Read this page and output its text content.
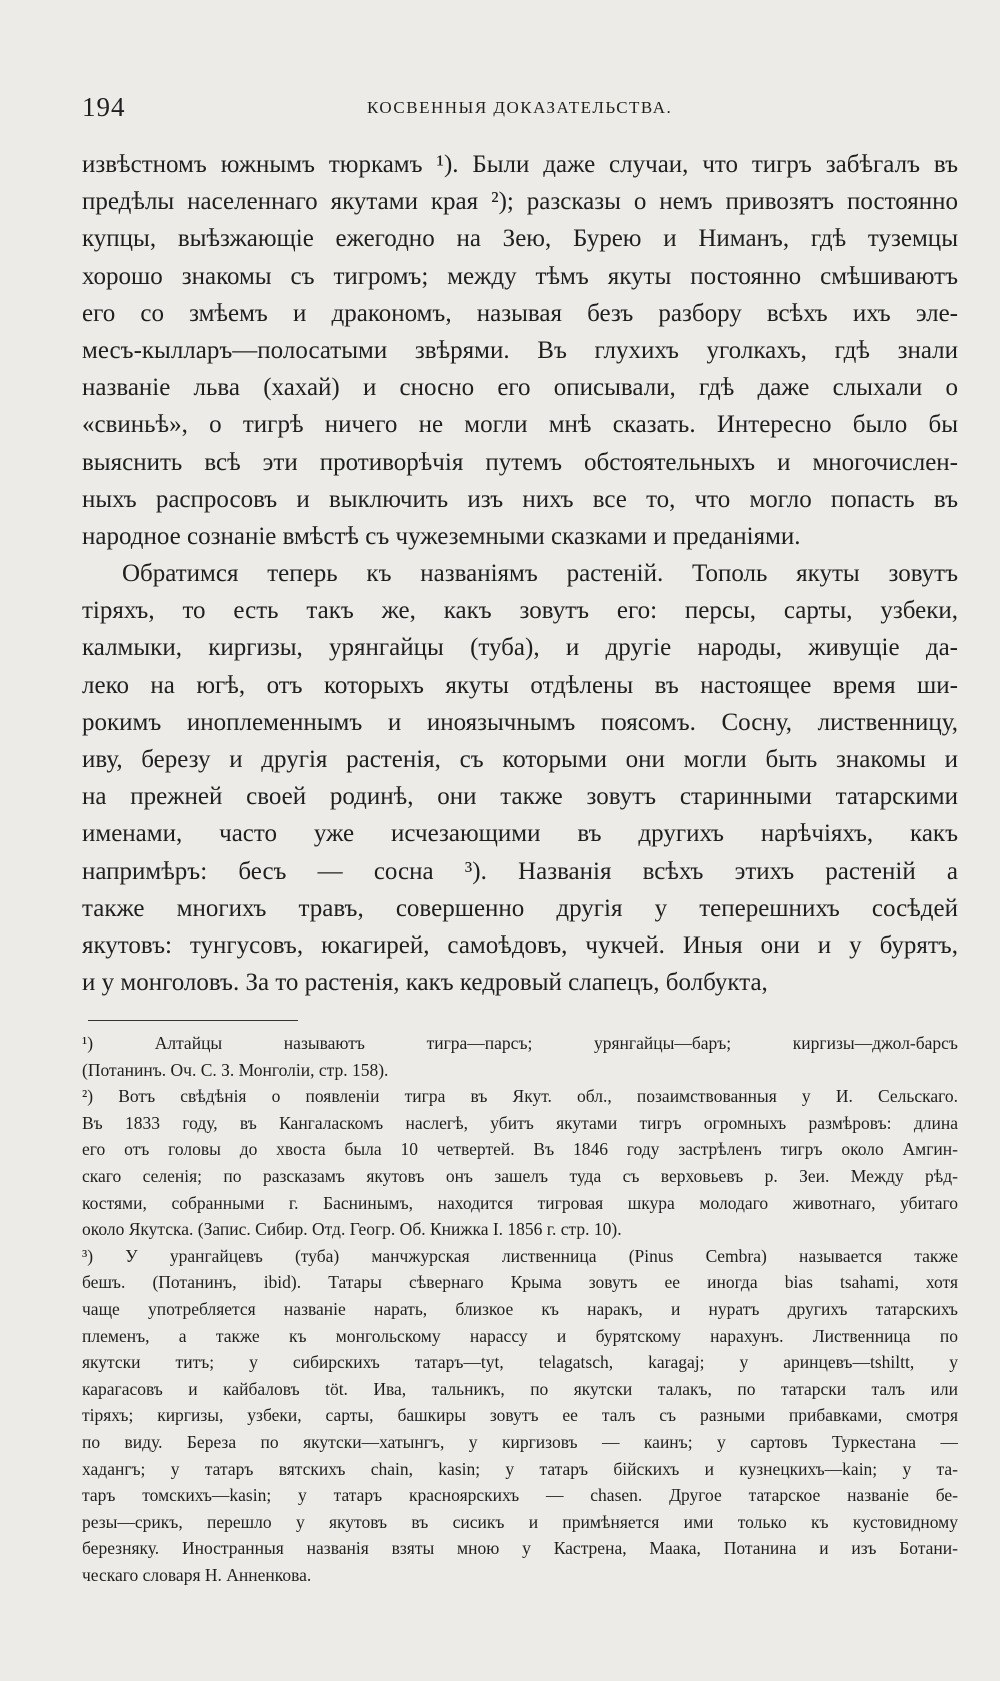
194	КОСВЕННЫЯ ДОКАЗАТЕЛЬСТВА.
извѣстномъ южнымъ тюркамъ ¹). Были даже случаи, что тигръ забѣгалъ въ
предѣлы населеннаго якутами края ²); разсказы о немъ привозятъ постоянно
купцы, выѣзжающіе ежегодно на Зею, Бурею и Ниманъ, гдѣ туземцы
хорошо знакомы съ тигромъ; между тѣмъ якуты постоянно смѣшиваютъ
его со змѣемъ и дракономъ, называя безъ разбору всѣхъ ихъ эле-
месъ-кылларъ—полосатыми звѣрями. Въ глухихъ уголкахъ, гдѣ знали
названіе льва (хахай) и сносно его описывали, гдѣ даже слыхали о
«свиньѣ», о тигрѣ ничего не могли мнѣ сказать. Интересно было бы
выяснить всѣ эти противорѣчія путемъ обстоятельныхъ и многочислен-
ныхъ распросовъ и выключить изъ нихъ все то, что могло попасть въ
народное сознаніе вмѣстѣ съ чужеземными сказками и преданіями.
Обратимся теперь къ названіямъ растеній. Тополь якуты зовутъ
тіряхъ, то есть такъ же, какъ зовутъ его: персы, сарты, узбеки,
калмыки, киргизы, урянгайцы (туба), и другіе народы, живущіе да-
леко на югѣ, отъ которыхъ якуты отдѣлены въ настоящее время ши-
рокимъ иноплеменнымъ и иноязычнымъ поясомъ. Сосну, лиственницу,
иву, березу и другія растенія, съ которыми они могли быть знакомы и
на прежней своей родинѣ, они также зовутъ старинными татарскими
именами, часто уже исчезающими въ другихъ нарѣчіяхъ, какъ
напримѣръ: бесъ — сосна ³). Названія всѣхъ этихъ растеній а
также многихъ травъ, совершенно другія у теперешнихъ сосѣдей
якутовъ: тунгусовъ, юкагирей, самоѣдовъ, чукчей. Иныя они и у бурятъ,
и у монголовъ. За то растенія, какъ кедровый слапецъ, болбукта,
¹) Алтайцы называютъ тигра—парсъ; урянгайцы—баръ; киргизы—джол-барсъ
(Потанинъ. Оч. С. З. Монголіи, стр. 158).
²) Вотъ свѣдѣнія о появленіи тигра въ Якут. обл., позаимствованныя у И. Сельскаго.
Въ 1833 году, въ Кангаласкомъ наслегѣ, убитъ якутами тигръ огромныхъ размѣровъ: длина
его отъ головы до хвоста была 10 четвертей. Въ 1846 году застрѣленъ тигръ около Амгин-
скаго селенія; по разсказамъ якутовъ онъ зашелъ туда съ верховьевъ р. Зеи. Между рѣд-
костями, собранными г. Баснинымъ, находится тигровая шкура молодаго животнаго, убитаго
около Якутска. (Запис. Сибир. Отд. Геогр. Об. Книжка I. 1856 г. стр. 10).
³) У урангайцевъ (туба) манчжурская лиственница (Pinus Cembra) называется также
бешъ. (Потанинъ, ibid). Татары сѣвернаго Крыма зовутъ ее иногда bias tsahami, хотя
чаще употребляется названіе нарать, близкое къ наракъ, и нуратъ другихъ татарскихъ
племенъ, а также къ монгольскому нарассу и бурятскому нарахунъ. Лиственница по
якутски титъ; у сибирскихъ татаръ—tyt, telagatsch, karagaj; у аринцевъ—tshiltt, у
карагасовъ и кайбаловъ töt. Ива, тальникъ, по якутски талакъ, по татарски талъ или
тіряхъ; киргизы, узбеки, сарты, башкиры зовутъ ее талъ съ разными прибавками, смотря
по виду. Береза по якутски—хатынгъ, у киргизовъ — каинъ; у сартовъ Туркестана —
хадангъ; у татаръ вятскихъ chain, kasin; у татаръ бійскихъ и кузнецкихъ—kain; у та-
таръ томскихъ—kasin; у татаръ красноярскихъ — chasen. Другое татарское названіе бе-
резы—срикъ, перешло у якутовъ въ сисикъ и примѣняется ими только къ кустовидному
березняку. Иностранныя названія взяты мною у Кастрена, Маака, Потанина и изъ Ботани-
ческаго словаря Н. Анненкова.
